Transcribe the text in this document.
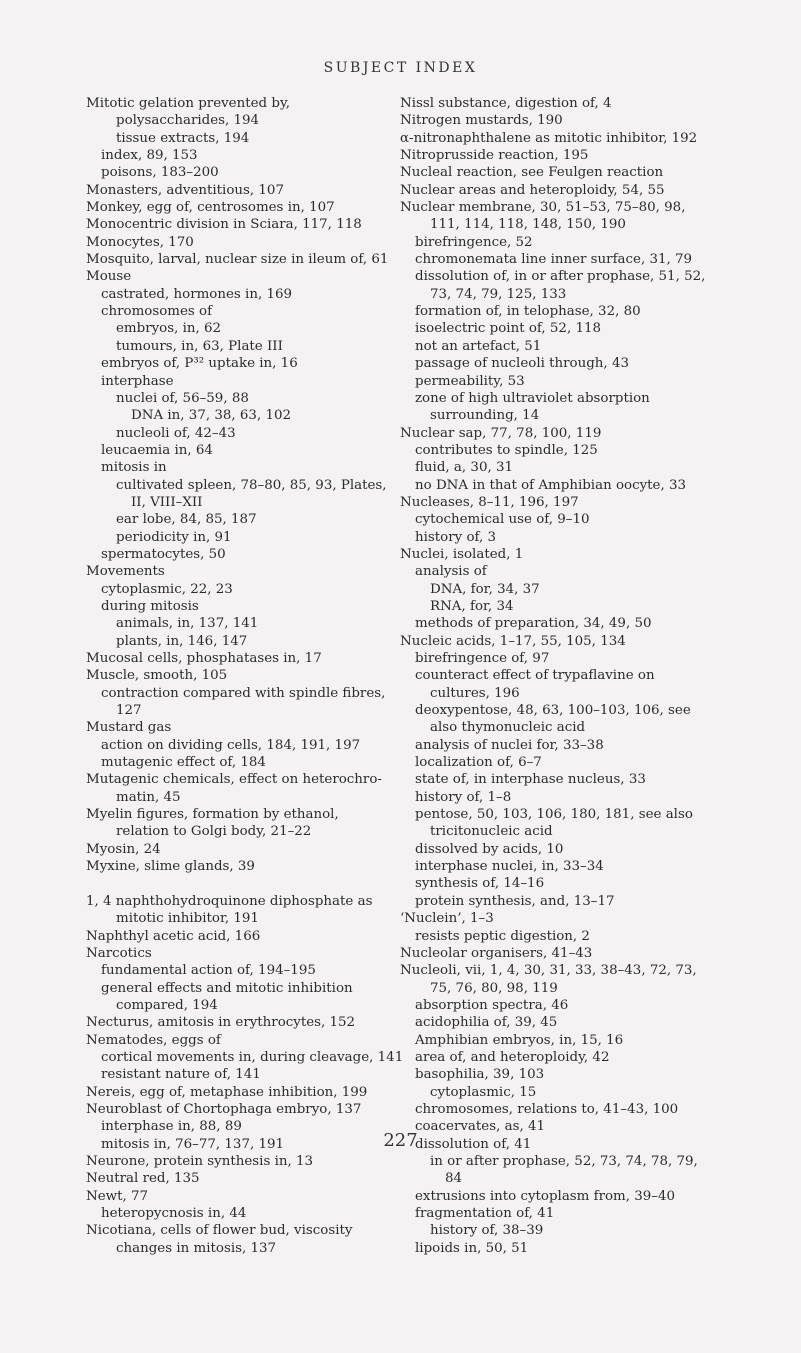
SUBJECT INDEX
Mitotic gelation prevented by,
polysaccharides, 194
tissue extracts, 194
index, 89, 153
poisons, 183–200
Monasters, adventitious, 107
Monkey, egg of, centrosomes in, 107
Monocentric division in Sciara, 117, 118
Monocytes, 170
Mosquito, larval, nuclear size in ileum of, 61
Mouse
castrated, hormones in, 169
chromosomes of
embryos, in, 62
tumours, in, 63, Plate III
embryos of, P³² uptake in, 16
interphase
nuclei of, 56–59, 88
DNA in, 37, 38, 63, 102
nucleoli of, 42–43
leucaemia in, 64
mitosis in
cultivated spleen, 78–80, 85, 93, Plates,
II, VIII–XII
ear lobe, 84, 85, 187
periodicity in, 91
spermatocytes, 50
Movements
cytoplasmic, 22, 23
during mitosis
animals, in, 137, 141
plants, in, 146, 147
Mucosal cells, phosphatases in, 17
Muscle, smooth, 105
contraction compared with spindle fibres,
127
Mustard gas
action on dividing cells, 184, 191, 197
mutagenic effect of, 184
Mutagenic chemicals, effect on heterochro-
matin, 45
Myelin figures, formation by ethanol,
relation to Golgi body, 21–22
Myosin, 24
Myxine, slime glands, 39
1, 4 naphthohydroquinone diphosphate as
mitotic inhibitor, 191
Naphthyl acetic acid, 166
Narcotics
fundamental action of, 194–195
general effects and mitotic inhibition
compared, 194
Necturus, amitosis in erythrocytes, 152
Nematodes, eggs of
cortical movements in, during cleavage, 141
resistant nature of, 141
Nereis, egg of, metaphase inhibition, 199
Neuroblast of Chortophaga embryo, 137
interphase in, 88, 89
mitosis in, 76–77, 137, 191
Neurone, protein synthesis in, 13
Neutral red, 135
Newt, 77
heteropycnosis in, 44
Nicotiana, cells of flower bud, viscosity
changes in mitosis, 137
Nissl substance, digestion of, 4
Nitrogen mustards, 190
α-nitronaphthalene as mitotic inhibitor, 192
Nitroprusside reaction, 195
Nucleal reaction, see Feulgen reaction
Nuclear areas and heteroploidy, 54, 55
Nuclear membrane, 30, 51–53, 75–80, 98,
111, 114, 118, 148, 150, 190
birefringence, 52
chromonemata line inner surface, 31, 79
dissolution of, in or after prophase, 51, 52,
73, 74, 79, 125, 133
formation of, in telophase, 32, 80
isoelectric point of, 52, 118
not an artefact, 51
passage of nucleoli through, 43
permeability, 53
zone of high ultraviolet absorption
surrounding, 14
Nuclear sap, 77, 78, 100, 119
contributes to spindle, 125
fluid, a, 30, 31
no DNA in that of Amphibian oocyte, 33
Nucleases, 8–11, 196, 197
cytochemical use of, 9–10
history of, 3
Nuclei, isolated, 1
analysis of
DNA, for, 34, 37
RNA, for, 34
methods of preparation, 34, 49, 50
Nucleic acids, 1–17, 55, 105, 134
birefringence of, 97
counteract effect of trypaflavine on
cultures, 196
deoxypentose, 48, 63, 100–103, 106, see
also thymonucleic acid
analysis of nuclei for, 33–38
localization of, 6–7
state of, in interphase nucleus, 33
history of, 1–8
pentose, 50, 103, 106, 180, 181, see also
tricitonucleic acid
dissolved by acids, 10
interphase nuclei, in, 33–34
synthesis of, 14–16
protein synthesis, and, 13–17
‘Nuclein’, 1–3
resists peptic digestion, 2
Nucleolar organisers, 41–43
Nucleoli, vii, 1, 4, 30, 31, 33, 38–43, 72, 73,
75, 76, 80, 98, 119
absorption spectra, 46
acidophilia of, 39, 45
Amphibian embryos, in, 15, 16
area of, and heteroploidy, 42
basophilia, 39, 103
cytoplasmic, 15
chromosomes, relations to, 41–43, 100
coacervates, as, 41
dissolution of, 41
in or after prophase, 52, 73, 74, 78, 79,
84
extrusions into cytoplasm from, 39–40
fragmentation of, 41
history of, 38–39
lipoids in, 50, 51
227
